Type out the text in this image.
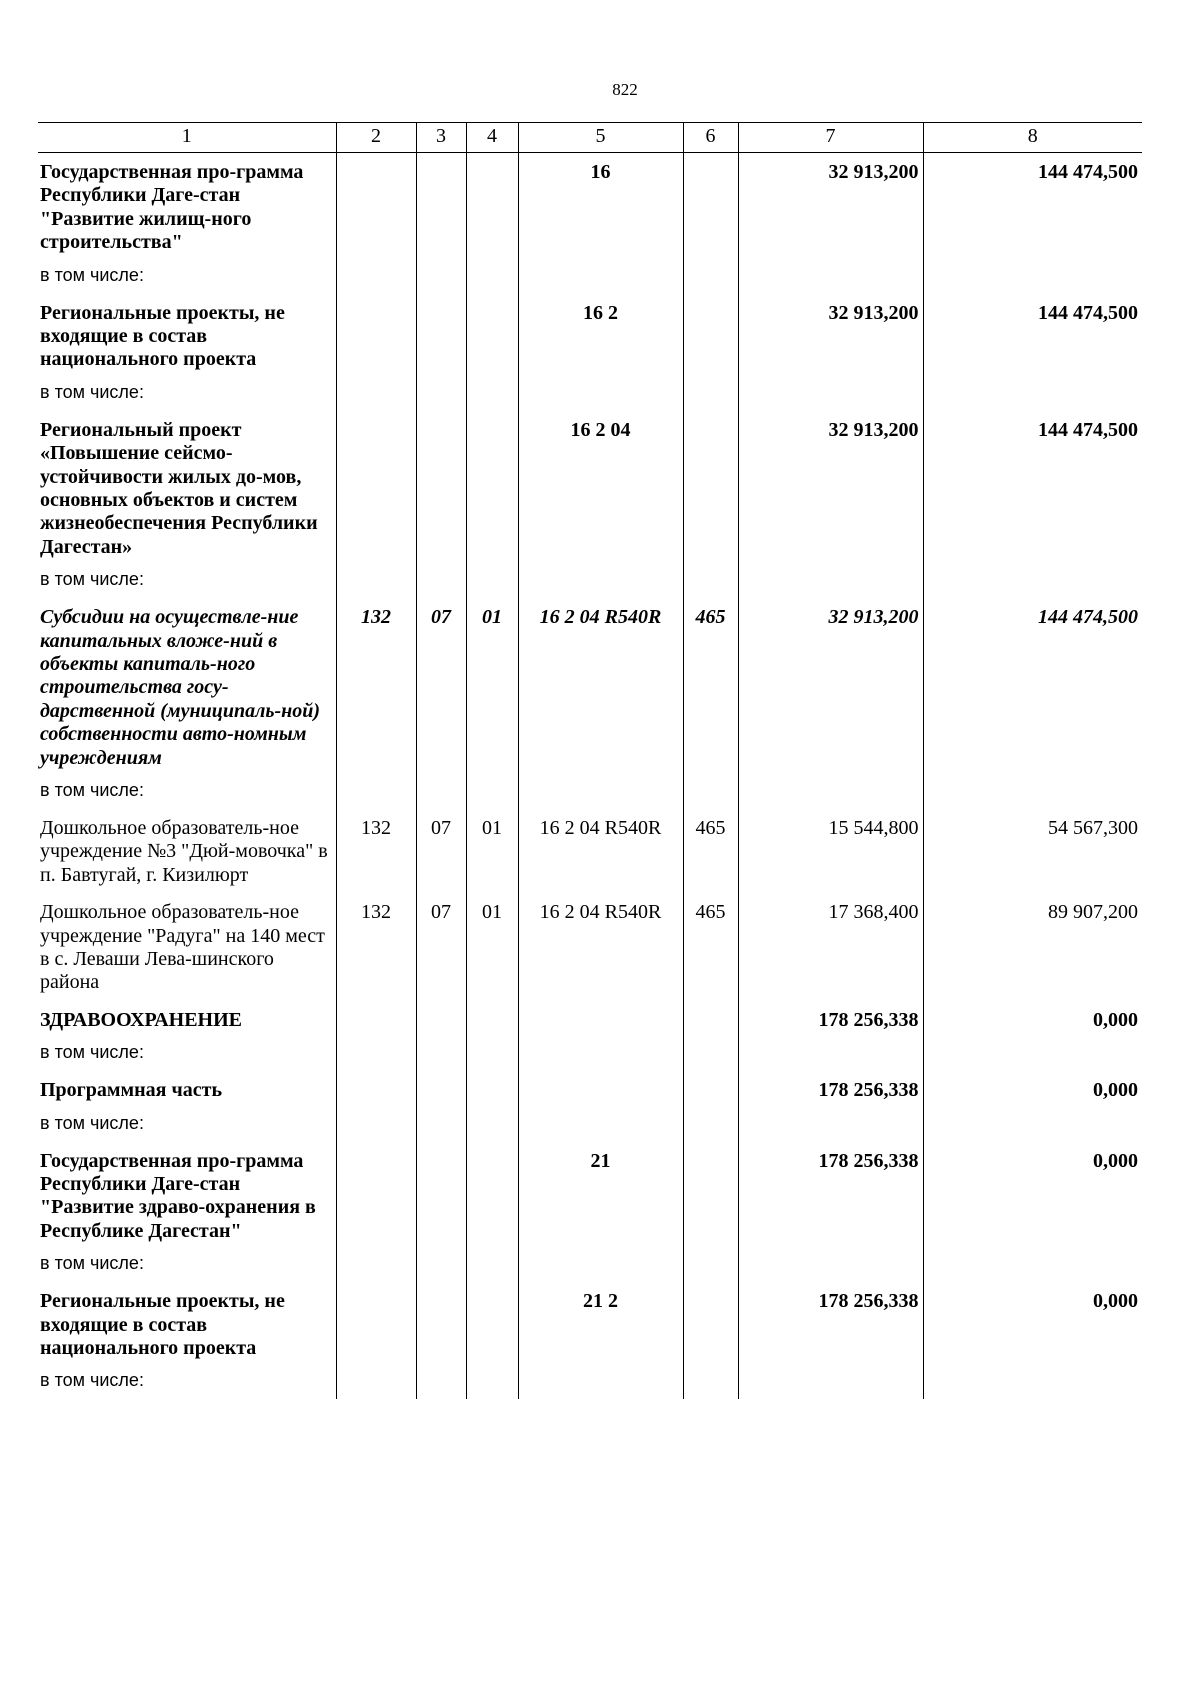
822
1	2	3	4	5	6	7	8
Государственная про-грамма Республики Даге-стан "Развитие жилищ-ного строительства"				16		32 913,200	144 474,500
в том числе:							
Региональные проекты, не входящие в состав национального проекта				16 2		32 913,200	144 474,500
в том числе:							
Региональный проект «Повышение сейсмо-устойчивости жилых до-мов, основных объектов и систем жизнеобеспечения Республики Дагестан»				16 2 04		32 913,200	144 474,500
в том числе:							
Субсидии на осуществле-ние капитальных вложе-ний в объекты капиталь-ного строительства госу-дарственной (муниципаль-ной) собственности авто-номным учреждениям	132	07	01	16 2 04 R540R	465	32 913,200	144 474,500
в том числе:							
Дошкольное образователь-ное учреждение №3 "Дюй-мовочка" в п. Бавтугай, г. Кизилюрт	132	07	01	16 2 04 R540R	465	15 544,800	54 567,300
Дошкольное образователь-ное учреждение "Радуга" на 140 мест в с. Леваши Лева-шинского района	132	07	01	16 2 04 R540R	465	17 368,400	89 907,200
ЗДРАВООХРАНЕНИЕ						178 256,338	0,000
в том числе:							
Программная часть						178 256,338	0,000
в том числе:							
Государственная про-грамма Республики Даге-стан "Развитие здраво-охранения в Республике Дагестан"				21		178 256,338	0,000
в том числе:							
Региональные проекты, не входящие в состав национального проекта				21 2		178 256,338	0,000
в том числе:							
